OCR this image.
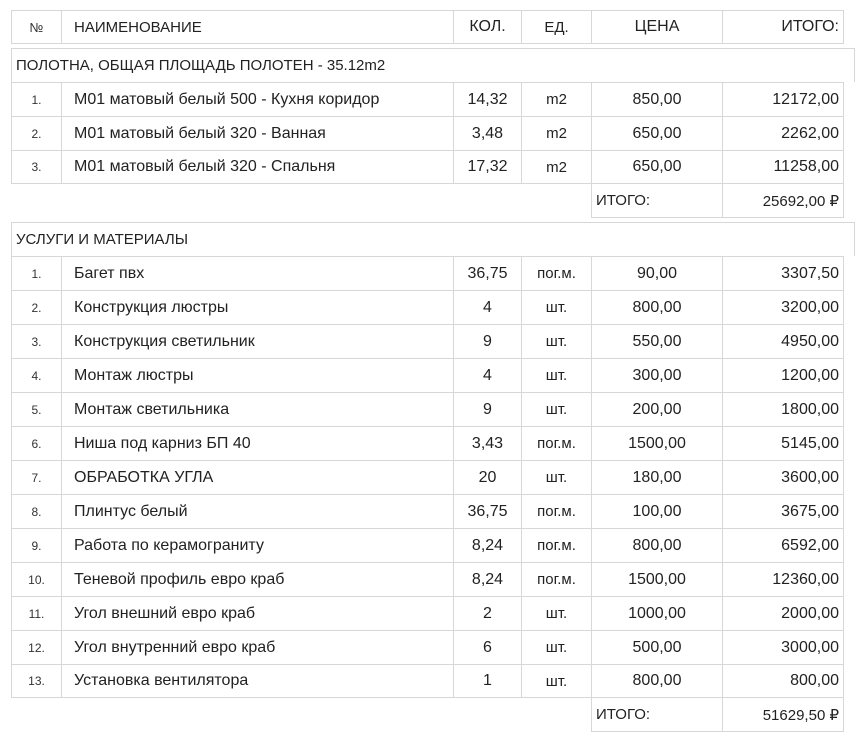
№	НАИМЕНОВАНИЕ	КОЛ.	ЕД.	ЦЕНА	ИТОГО:
ПОЛОТНА, ОБЩАЯ ПЛОЩАДЬ ПОЛОТЕН - 35.12m2
1.	М01 матовый белый 500 - Кухня коридор	14,32	m2	850,00	12172,00
2.	М01 матовый белый 320 - Ванная	3,48	m2	650,00	2262,00
3.	М01 матовый белый 320 - Спальня	17,32	m2	650,00	11258,00
ИТОГО:	25692,00 ₽
УСЛУГИ И МАТЕРИАЛЫ
1.	Багет пвх	36,75	пог.м.	90,00	3307,50
2.	Конструкция люстры	4	шт.	800,00	3200,00
3.	Конструкция светильник	9	шт.	550,00	4950,00
4.	Монтаж люстры	4	шт.	300,00	1200,00
5.	Монтаж светильника	9	шт.	200,00	1800,00
6.	Ниша под карниз БП 40	3,43	пог.м.	1500,00	5145,00
7.	ОБРАБОТКА УГЛА	20	шт.	180,00	3600,00
8.	Плинтус белый	36,75	пог.м.	100,00	3675,00
9.	Работа по керамограниту	8,24	пог.м.	800,00	6592,00
10.	Теневой профиль евро краб	8,24	пог.м.	1500,00	12360,00
11.	Угол внешний евро краб	2	шт.	1000,00	2000,00
12.	Угол внутренний евро краб	6	шт.	500,00	3000,00
13.	Установка вентилятора	1	шт.	800,00	800,00
ИТОГО:	51629,50 ₽
